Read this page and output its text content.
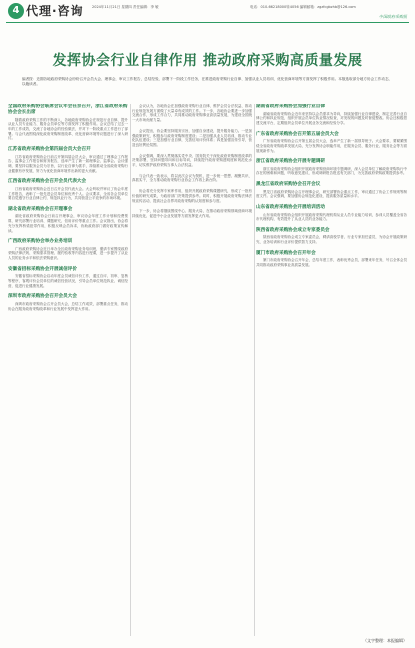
4 代理·咨询 2024年11月21日 星期四 责任编辑：李 敏	电话：010-66218000转4056 编辑邮箱：zgzfcgbzhb@126.com
中国政府采购报
发挥协会行业自律作用 推动政府采购高质量发展
编者按：近期各地政府采购协会纷纷召开会员大会、理事会，审议工作报告，总结经验，部署下一阶段工作任务，在推进政府采购行业自律、加强从业人员培训、优化营商环境等方面发挥了积极作用。本版选取部分地方协会工作动态，以飨读者。
全国政府采购协会联席会议年会在京召开，浙江省政府采购协会会长出席
随着政府采购工作的不断深入，各地政府采购协会在规范行业自律、提升从业人员专业能力、服务会员单位等方面发挥了积极作用。会议总结了过去一年的工作成效，交流了各地协会的经验做法，并对下一阶段重点工作进行了部署。与会代表围绕深化政府采购制度改革、优化营商环境等议题进行了深入研讨。
江苏省政府采购协会第四届会员大会召开
江苏省政府采购协会日前召开第四届会员大会，审议通过了理事会工作报告、监事会工作报告和财务报告，选举产生了新一届理事会、监事会。会议强调，要坚持以服务会员为宗旨，以行业自律为抓手，持续推动全省政府采购行业健康有序发展，努力为优化营商环境作出新的更大贡献。
江西省政府采购协会召开会员代表大会
江西省政府采购协会近日召开会员代表大会。大会听取并审议了协会年度工作报告，表彰了一批先进会员单位和优秀个人。会议要求，全省各会员单位要自觉遵守行业自律公约，规范执业行为，共同营造公平竞争的市场环境。
湖北省政府采购协会召开理事会
湖北省政府采购协会日前召开理事会，审议协会年度工作计划和经费预算，研究部署行业培训、课题研究、信用评价等重点工作。会议指出，协会将充分发挥桥梁纽带作用，积极反映会员诉求，协助政府部门做好政策宣传解读。
广西政府采购协会举办业务培训
广西政府采购协会近日举办全区政府采购业务培训班，邀请专家围绕政府采购法律法规、采购需求管理、履约验收等内容进行授课，进一步提升了从业人员的业务水平和依法采购意识。
安徽省招标采购协会开展诚信评价
安徽省招标采购协会启动年度会员诚信评价工作，通过自评、初审、复核等程序，客观评价会员单位的诚信经营状况，引导会员单位规范执业、诚信经营，促进行业健康发展。
深圳市政府采购协会召开会员大会
深圳市政府采购协会召开会员大会，总结工作成效，部署重点任务，推动协会在服务政府采购改革和行业发展中发挥更大作用。
会议认为，各地协会在加强政府采购行业自律、维护会员合法权益、推动行业规范发展方面做了大量卓有成效的工作。下一步，各地协会要进一步加强交流合作，形成工作合力，共同推动政府采购事业高质量发展，为建设全国统一大市场贡献力量。
会议提出，协会要坚持服务宗旨，加强自身建设，提升服务能力。一是加强政策研究，积极参与政府采购制度建设；二是加强从业人员培训，推动专业化队伍建设；三是加强行业自律，完善信用评价体系；四是加强宣传引导，营造良好舆论氛围。
会议强调，要深入贯彻落实党中央、国务院关于深化政府采购制度改革的决策部署，坚持问题导向和目标导向，持续提升政府采购透明度和规范化水平，切实维护政府采购当事人合法权益。
与会代表一致表示，将以此次会议为契机，进一步统一思想、凝聚共识、真抓实干，全力推动政府采购行业协会工作再上新台阶。
协会将充分发挥专家库作用，组织开展政府采购课题研究，形成了一批有价值的研究成果，为政府部门决策提供参考。同时，积极开展政府采购法律法规宣传活动，提高社会各界对政府采购的认知度和参与度。
下一步，协会将继续围绕中心、服务大局，在推动政府采购领域营商环境持续优化、促进中小企业发展等方面发挥更大作用。
湖南省政府采购协会加强行业自律
湖南省政府采购协会近年来坚持以会员需求为导向，持续加强行业自律建设，制定完善行业自律公约和执业规范，组织开展会员单位执业情况检查，对发现的问题及时督促整改。协会还积极搭建交流平台，定期组织会员单位开展业务交流和经验分享。
广东省政府采购协会召开第五届会员大会
广东省政府采购协会召开第五届会员大会，选举产生了新一届领导班子。大会要求，要紧紧围绕全省政府采购改革发展大局，充分发挥协会职能作用，在服务会员、服务行业、服务社会等方面展现新作为。
浙江省政府采购协会开展专题调研
浙江省政府采购协会组织开展政府采购营商环境专题调研，深入会员单位了解政府采购执行中存在的困难和问题，听取意见建议，形成调研报告报送有关部门，为完善政府采购政策提供参考。
黑龙江省政府采购协会召开会议
黑龙江省政府采购协会召开理事会议，研究部署协会重点工作，审议通过了协会工作规则等制度文件。会议强调，要加强协会规范化建设，提高服务质量和水平。
山东省政府采购协会开展培训活动
山东省政府采购协会组织开展政府采购代理机构从业人员专业能力培训，参训人员覆盖全省各市代理机构，有效提升了从业人员的业务能力。
陕西省政府采购协会成立专家委员会
陕西省政府采购协会成立专家委员会，聘请高校学者、行业专家担任委员，为协会开展政策研究、业务培训和行业评价提供智力支持。
厦门市政府采购协会召开年会
厦门市政府采购协会召开年会，总结年度工作，表彰优秀会员，部署来年任务，号召全体会员共同推动政府采购事业高质量发展。
（文字整理：本报编辑）
